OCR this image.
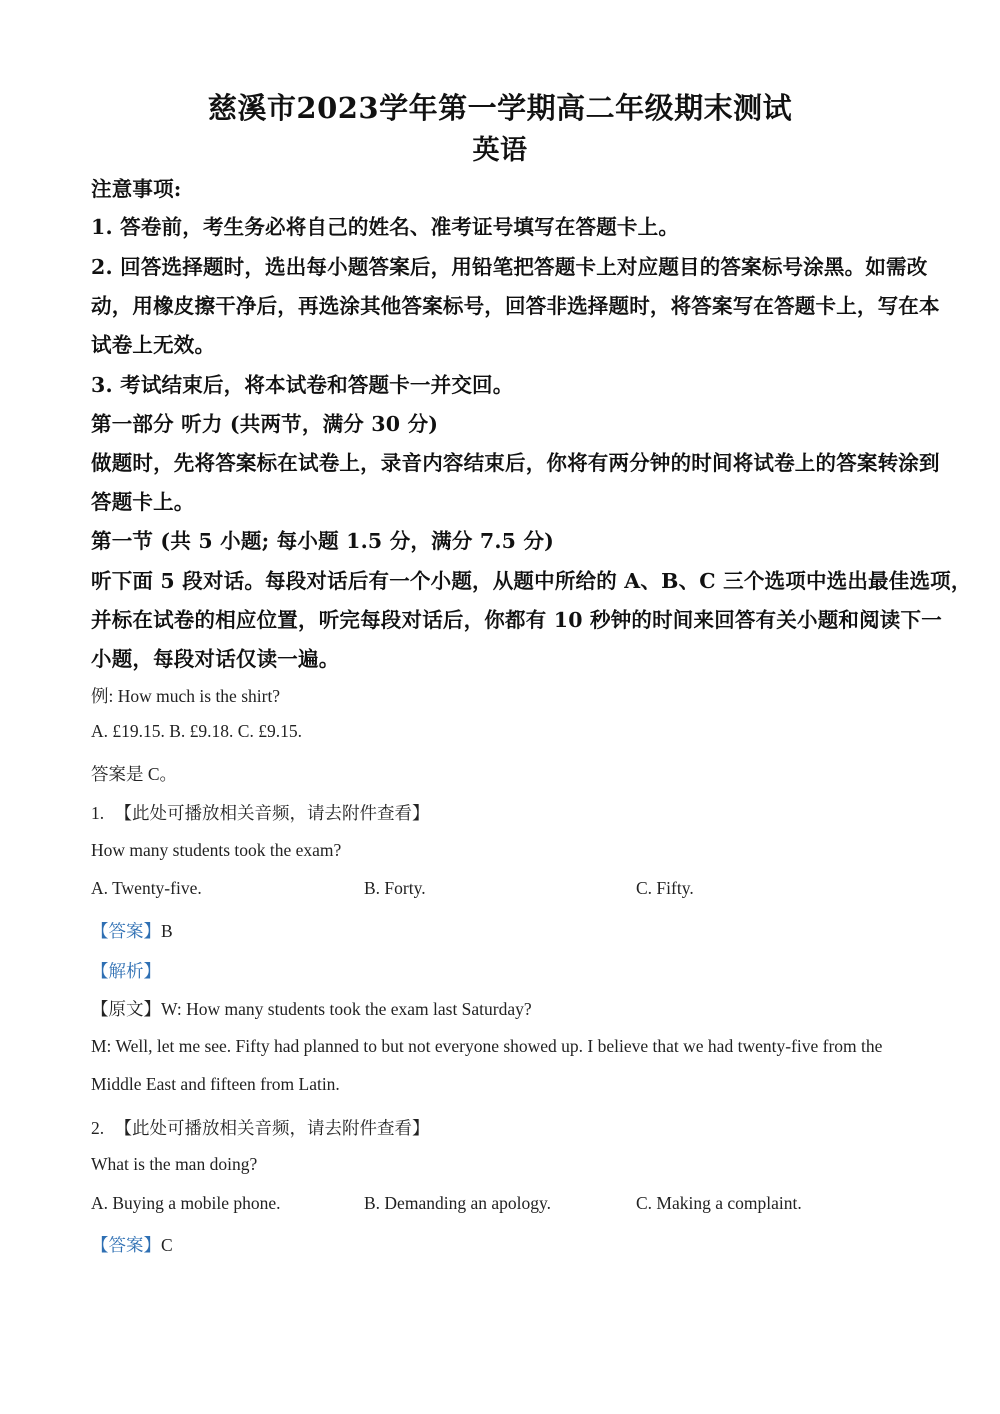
慈溪市2023学年第一学期高二年级期末测试
英语
注意事项:
1. 答卷前，考生务必将自己的姓名、准考证号填写在答题卡上。
2. 回答选择题时，选出每小题答案后，用铅笔把答题卡上对应题目的答案标号涂黑。如需改
动，用橡皮擦干净后，再选涂其他答案标号，回答非选择题时，将答案写在答题卡上，写在本
试卷上无效。
3. 考试结束后，将本试卷和答题卡一并交回。
第一部分 听力 (共两节，满分 30 分)
做题时，先将答案标在试卷上，录音内容结束后，你将有两分钟的时间将试卷上的答案转涂到
答题卡上。
第一节 (共 5 小题; 每小题 1.5 分，满分 7.5 分)
听下面 5 段对话。每段对话后有一个小题，从题中所给的 A、B、C 三个选项中选出最佳选项，
并标在试卷的相应位置，听完每段对话后，你都有 10 秒钟的时间来回答有关小题和阅读下一
小题，每段对话仅读一遍。
例: How much is the shirt?
A. £19.15. B. £9.18. C. £9.15.
答案是 C。
1. 【此处可播放相关音频，请去附件查看】
How many students took the exam?
A. Twenty-five.	B. Forty.	C. Fifty.
【答案】B
【解析】
【原文】W: How many students took the exam last Saturday?
M: Well, let me see. Fifty had planned to but not everyone showed up. I believe that we had twenty-five from the
Middle East and fifteen from Latin.
2. 【此处可播放相关音频，请去附件查看】
What is the man doing?
A. Buying a mobile phone.	B. Demanding an apology.	C. Making a complaint.
【答案】C
